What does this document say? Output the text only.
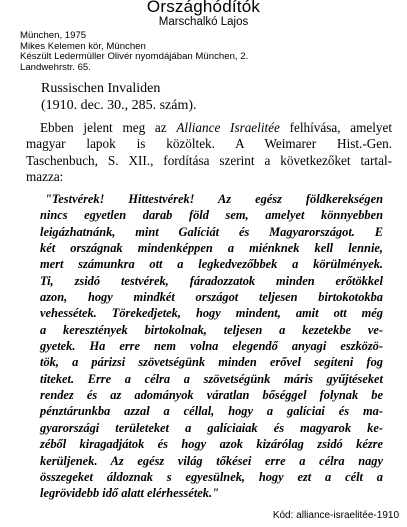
Országhódítók
Marschalkó Lajos
München, 1975
Mikes Kelemen kör, München
Készült Ledermüller Olivér nyomdájában München, 2.
Landwehrstr. 65.
Russischen Invaliden
(1910. dec. 30., 285. szám).
Ebben jelent meg az Alliance Israelitée felhívása, amelyet
magyar lapok is közöltek. A Weimarer Hist.-Gen.
Taschenbuch, S. XII., fordítása szerint a következőket tartal-
mazza:
"Testvérek! Hittestvérek! Az egész földkerekségen
nincs egyetlen darab föld sem, amelyet könnyebben
leigázhatnánk, mint Galíciát és Magyarországot. E
két országnak mindenképpen a miénknek kell lennie,
mert számunkra ott a legkedvezőbbek a körülmények.
Ti, zsidó testvérek, fáradozzatok minden erőtökkel
azon, hogy mindkét országot teljesen birtokotokba
vehessétek. Törekedjetek, hogy mindent, amit ott még
a keresztények birtokolnak, teljesen a kezetekbe ve-
gyetek. Ha erre nem volna elegendő anyagi eszközö-
tök, a párizsi szövetségünk minden erővel segíteni fog
titeket. Erre a célra a szövetségünk máris gyűjtéseket
rendez és az adományok váratlan bőséggel folynak be
pénztárunkba azzal a céllal, hogy a galíciai és ma-
gyarországi területeket a galíciaiak és magyarok ke-
zéből kiragadjátok és hogy azok kizárólag zsidó kézre
kerüljenek. Az egész világ tőkései erre a célra nagy
összegeket áldoznak s egyesülnek, hogy ezt a célt a
legrövidebb idő alatt elérhessétek."
Kód: alliance-israelitée-1910
